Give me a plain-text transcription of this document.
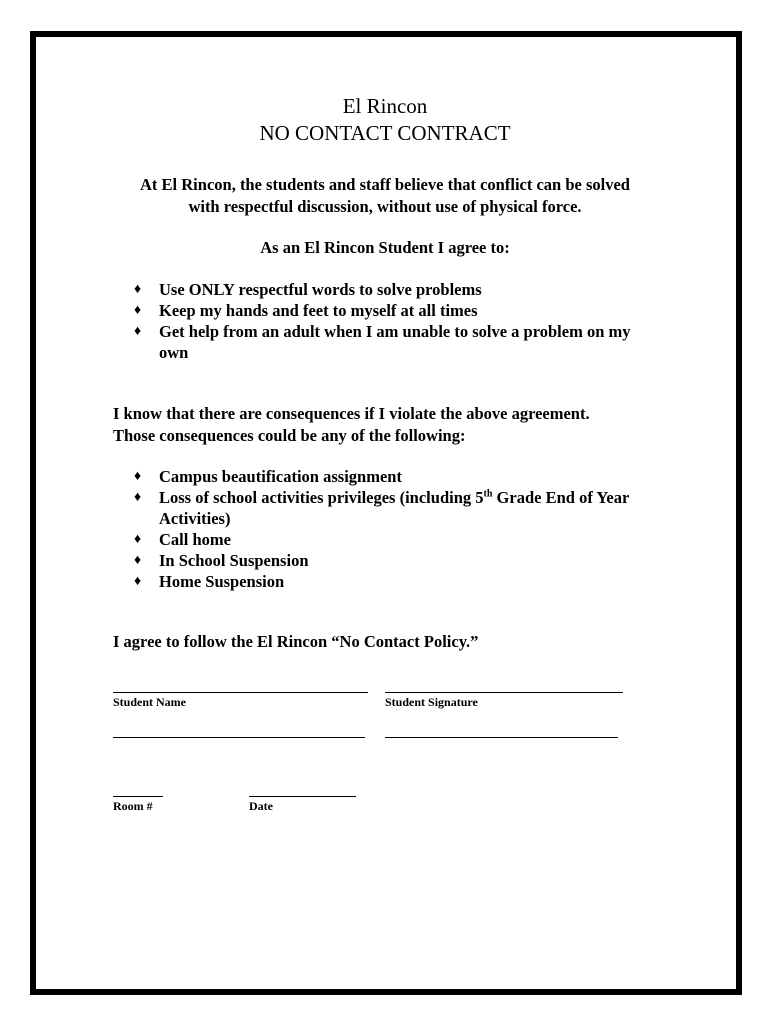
El Rincon
NO CONTACT CONTRACT
At El Rincon, the students and staff believe that conflict can be solved
with respectful discussion, without use of physical force.
As an El Rincon Student I agree to:
♦ Use ONLY respectful words to solve problems
♦ Keep my hands and feet to myself at all times
♦ Get help from an adult when I am unable to solve a problem on my own
I know that there are consequences if I violate the above agreement.
Those consequences could be any of the following:
♦ Campus beautification assignment
♦ Loss of school activities privileges (including 5th Grade End of Year Activities)
♦ Call home
♦ In School Suspension
♦ Home Suspension
I agree to follow the El Rincon “No Contact Policy.”
Student Name	Student Signature
Room #	Date
